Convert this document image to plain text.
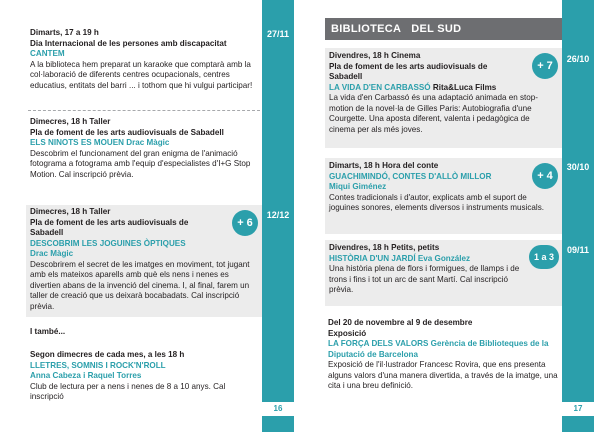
27/11
12/12
16
Dimarts, 17 a 19 h
Dia Internacional de les persones amb discapacitat
CANTEM
A la biblioteca hem preparat un karaoke que comptarà amb la col·laboració de diferents centres ocupacionals, centres educatius, entitats del barri ... i tothom que hi vulgui participar!
Dimecres, 18 h Taller
Pla de foment de les arts audiovisuals de Sabadell
ELS NINOTS ES MOUEN Drac Màgic
Descobrim el funcionament del gran enigma de l'animació fotograma a fotograma amb l'equip d'especialistes d'I+G Stop Motion. Cal inscripció prèvia.
Dimecres, 18 h Taller
Pla de foment de les arts audiovisuals de Sabadell
DESCOBRIM LES JOGUINES ÒPTIQUES
Drac Màgic
Descobrirem el secret de les imatges en moviment, tot jugant amb els mateixos aparells amb què els nens i nenes es divertien abans de la invenció del cinema. I, al final, farem un taller de creació que us deixarà bocabadats. Cal inscripció prèvia.
+ 6
I també...
Segon dimecres de cada mes, a les 18 h
LLETRES, SOMNIS I ROCK'N'ROLL
Anna Cabeza i Raquel Torres
Club de lectura per a nens i nenes de 8 a 10 anys. Cal inscripció
26/10
30/10
09/11
17
BIBLIOTECA DEL SUD
Divendres, 18 h Cinema
Pla de foment de les arts audiovisuals de Sabadell
LA VIDA D'EN CARBASSÓ Rita&Luca Films
La vida d'en Carbassó és una adaptació animada en stop-motion de la novel·la de Gilles Paris: Autobiografia d'une Courgette. Una aposta diferent, valenta i pedagògica de cinema per als més joves.
+ 7
Dimarts, 18 h Hora del conte
GUACHIMINDÓ, CONTES D'ALLÒ MILLOR
Miqui Giménez
Contes tradicionals i d'autor, explicats amb el suport de joguines sonores, elements diversos i instruments musicals.
+ 4
Divendres, 18 h Petits, petits
HISTÒRIA D'UN JARDÍ Eva González
Una història plena de flors i formigues, de llamps i de trons i fins i tot un arc de sant Martí. Cal inscripció prèvia.
1 a 3
Del 20 de novembre al 9 de desembre
Exposició
LA FORÇA DELS VALORS Gerència de Biblioteques de la Diputació de Barcelona
Exposició de l'il·lustrador Francesc Rovira, que ens presenta alguns valors d'una manera divertida, a través de la imatge, una cita i una breu definició.
